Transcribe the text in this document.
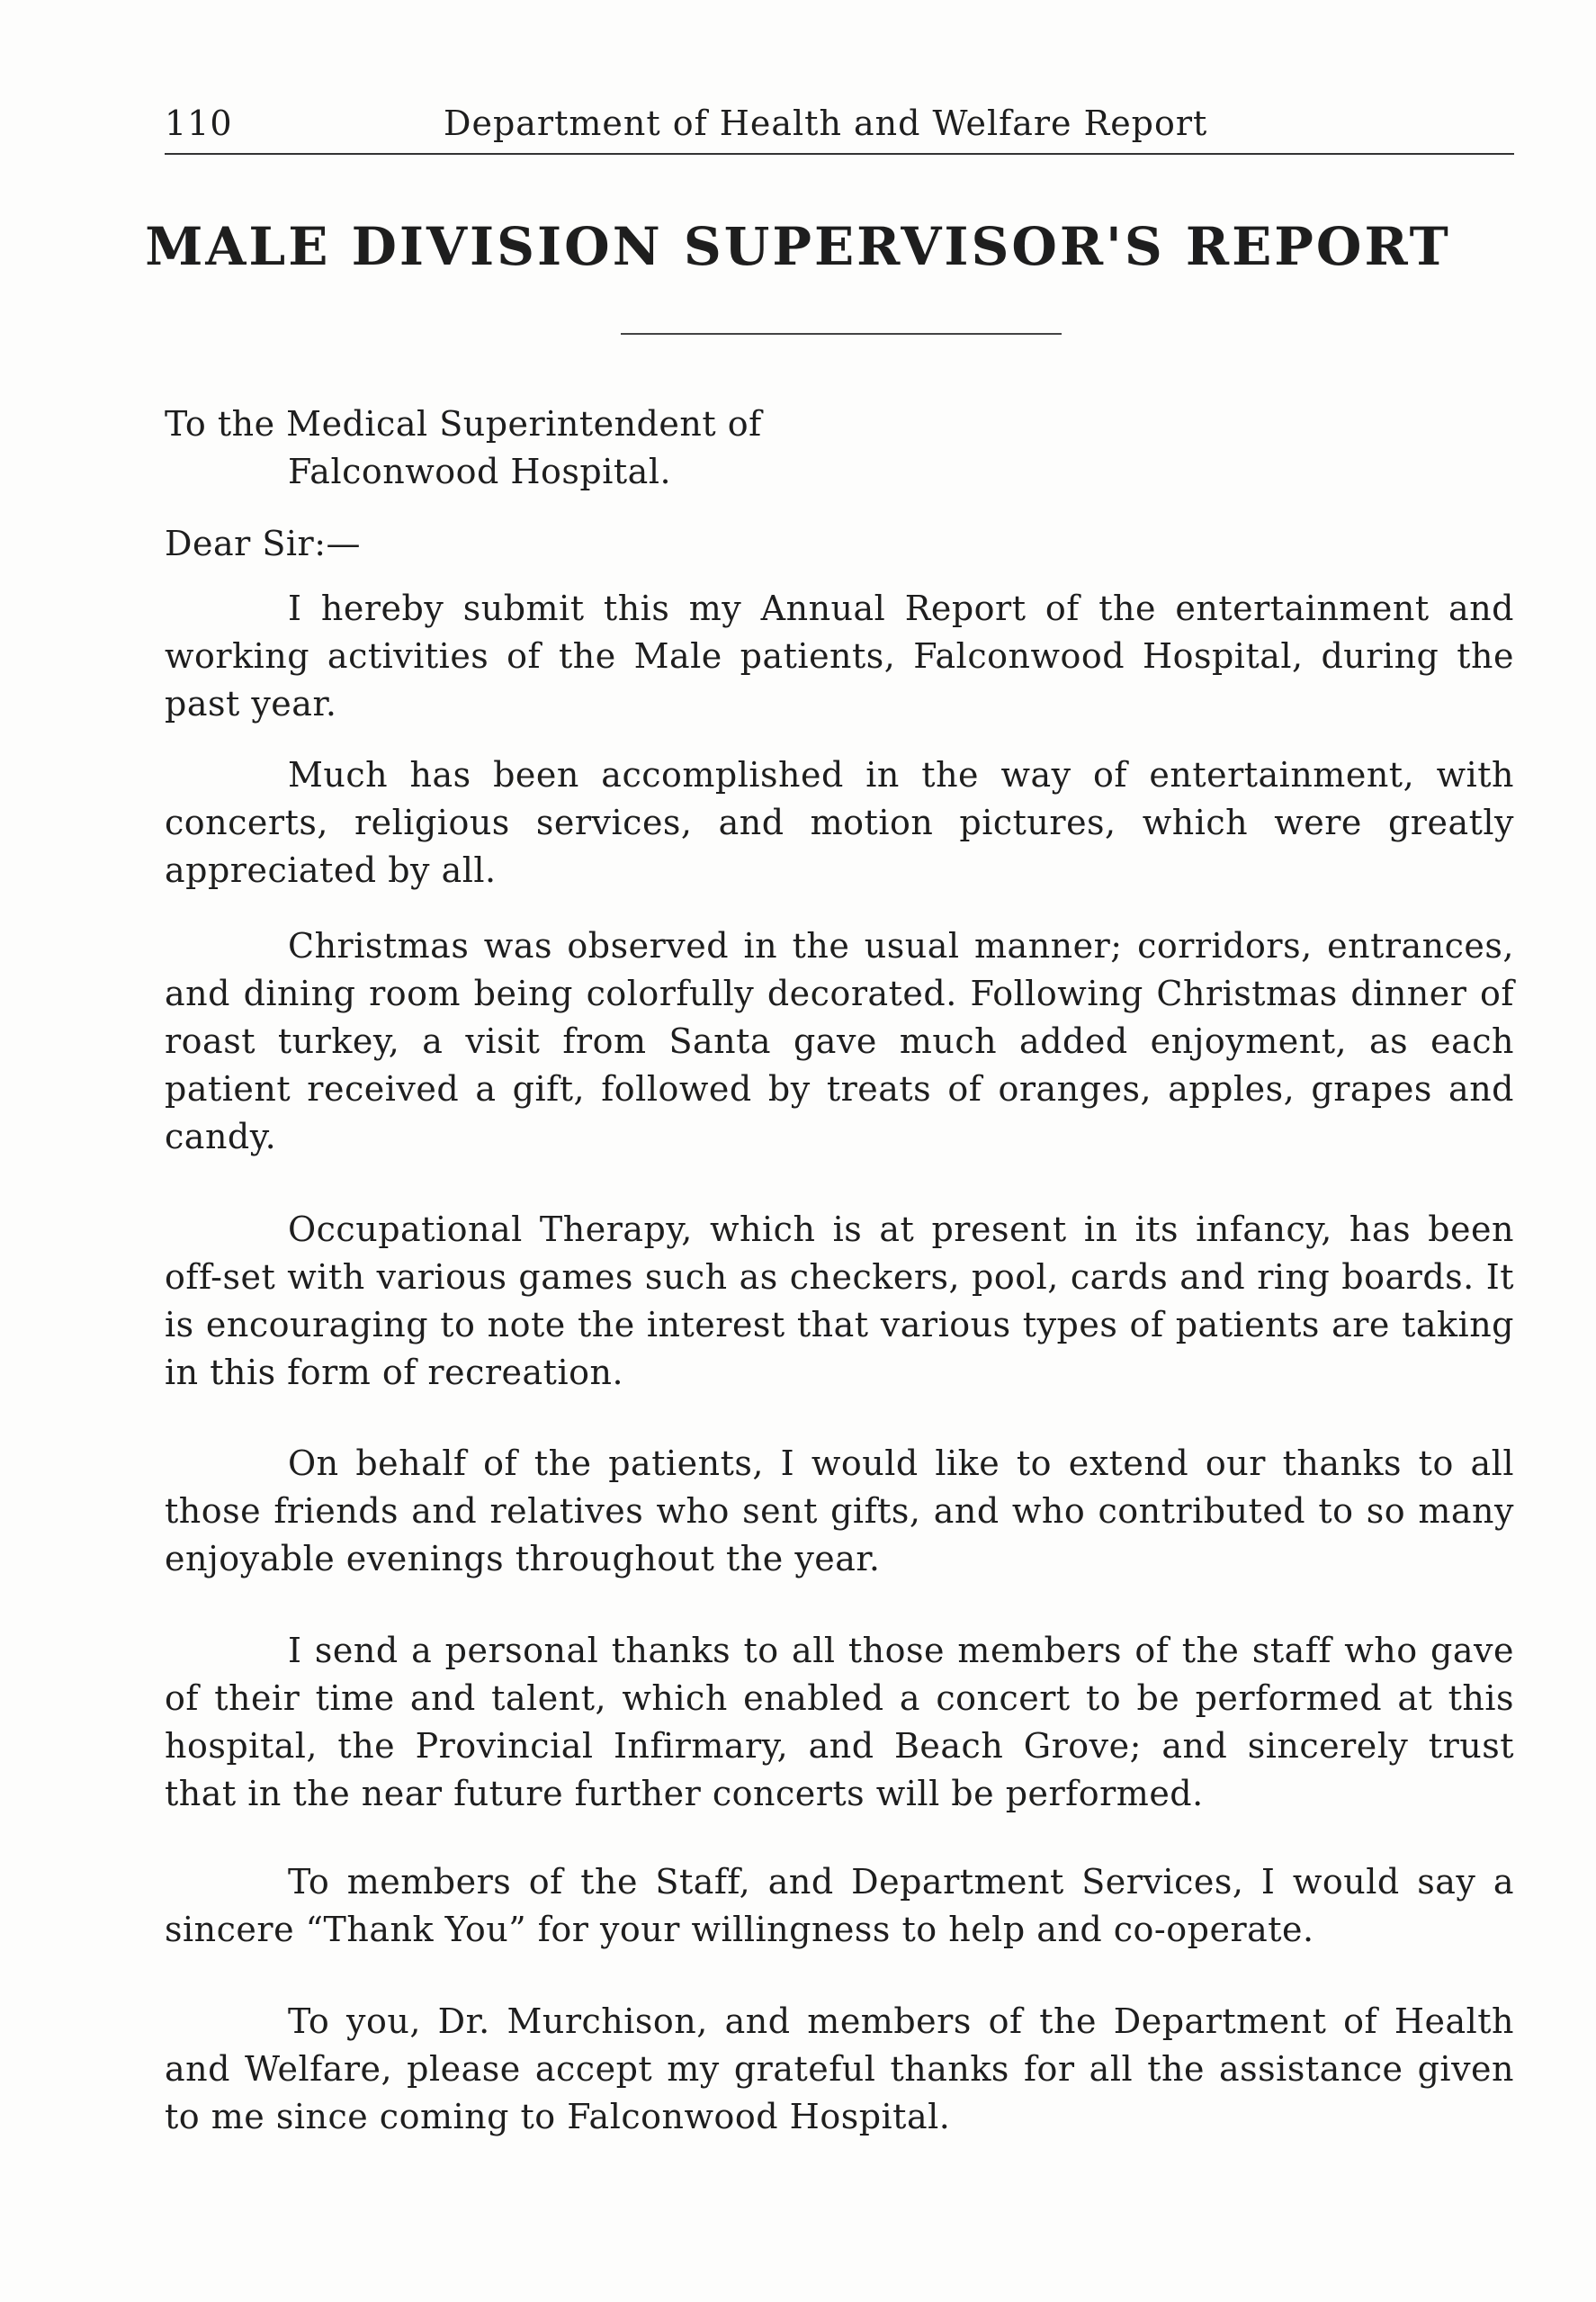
110	Department of Health and Welfare Report
MALE DIVISION SUPERVISOR'S REPORT
To the Medical Superintendent of
Falconwood Hospital.
Dear Sir:—

I hereby submit this my Annual Report of the entertainment and working activities of the Male patients, Falconwood Hospital, during the past year.

Much has been accomplished in the way of entertainment, with concerts, religious services, and motion pictures, which were greatly appreciated by all.

Christmas was observed in the usual manner; corridors, entrances, and dining room being colorfully decorated. Following Christmas dinner of roast turkey, a visit from Santa gave much added enjoyment, as each patient received a gift, followed by treats of oranges, apples, grapes and candy.

Occupational Therapy, which is at present in its infancy, has been off-set with various games such as checkers, pool, cards and ring boards. It is encouraging to note the interest that various types of patients are taking in this form of recreation.

On behalf of the patients, I would like to extend our thanks to all those friends and relatives who sent gifts, and who contributed to so many enjoyable evenings throughout the year.

I send a personal thanks to all those members of the staff who gave of their time and talent, which enabled a concert to be performed at this hospital, the Provincial Infirmary, and Beach Grove; and sincerely trust that in the near future further concerts will be performed.

To members of the Staff, and Department Services, I would say a sincere “Thank You” for your willingness to help and co-operate.

To you, Dr. Murchison, and members of the Department of Health and Welfare, please accept my grateful thanks for all the assistance given to me since coming to Falconwood Hospital.
